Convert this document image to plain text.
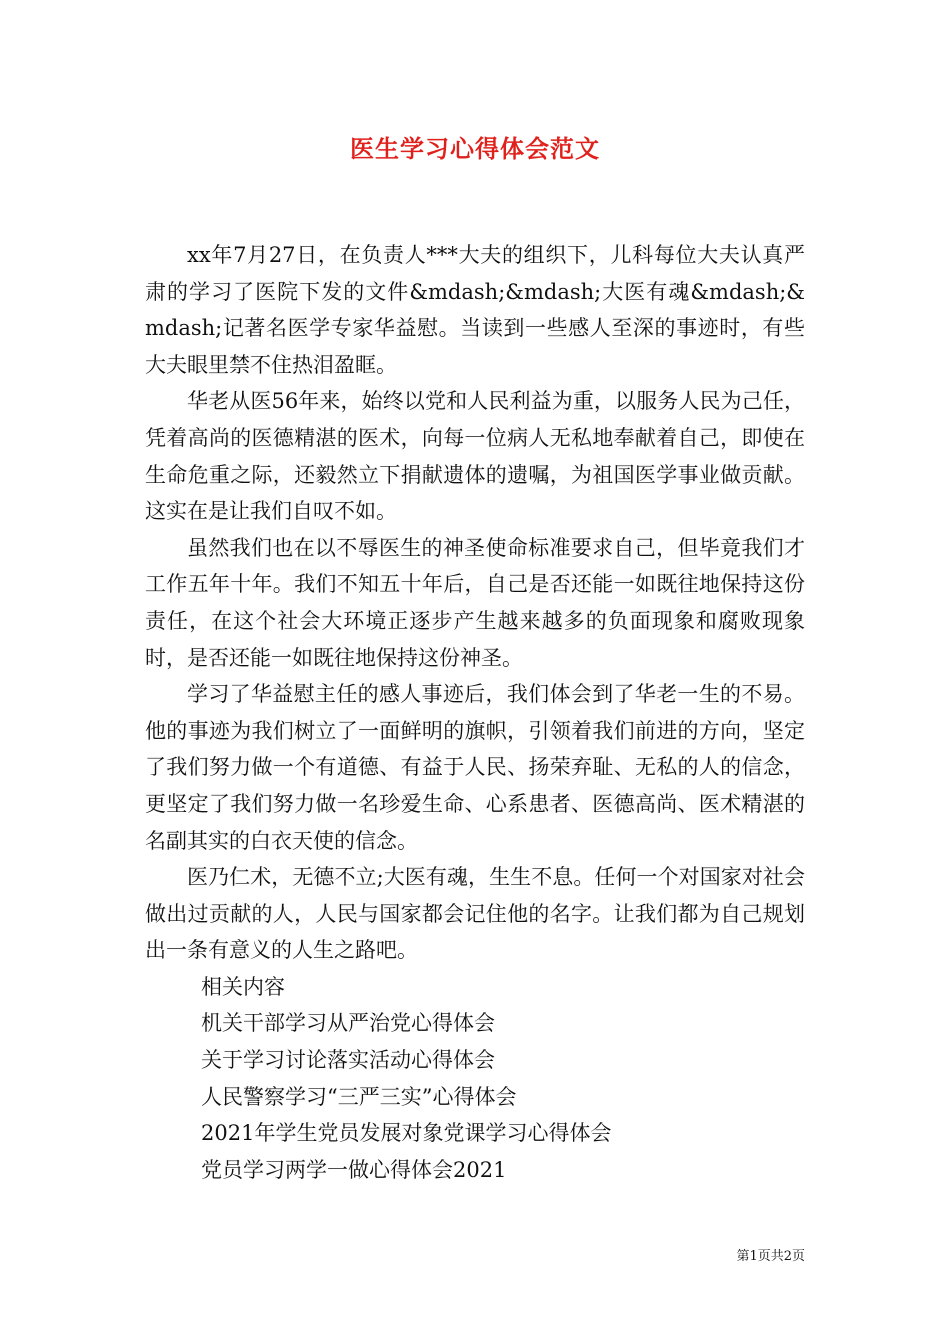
医生学习心得体会范文

xx年7月27日，在负责人***大夫的组织下，儿科每位大夫认真严肃的学习了医院下发的文件&mdash;&mdash;大医有魂&mdash;&mdash;记著名医学专家华益慰。当读到一些感人至深的事迹时，有些大夫眼里禁不住热泪盈眶。

华老从医56年来，始终以党和人民利益为重，以服务人民为己任，凭着高尚的医德精湛的医术，向每一位病人无私地奉献着自己，即使在生命危重之际，还毅然立下捐献遗体的遗嘱，为祖国医学事业做贡献。这实在是让我们自叹不如。

虽然我们也在以不辱医生的神圣使命标准要求自己，但毕竟我们才工作五年十年。我们不知五十年后，自己是否还能一如既往地保持这份责任，在这个社会大环境正逐步产生越来越多的负面现象和腐败现象时，是否还能一如既往地保持这份神圣。

学习了华益慰主任的感人事迹后，我们体会到了华老一生的不易。他的事迹为我们树立了一面鲜明的旗帜，引领着我们前进的方向，坚定了我们努力做一个有道德、有益于人民、扬荣弃耻、无私的人的信念，更坚定了我们努力做一名珍爱生命、心系患者、医德高尚、医术精湛的名副其实的白衣天使的信念。

医乃仁术，无德不立;大医有魂，生生不息。任何一个对国家对社会做出过贡献的人，人民与国家都会记住他的名字。让我们都为自己规划出一条有意义的人生之路吧。

相关内容

机关干部学习从严治党心得体会

关于学习讨论落实活动心得体会

人民警察学习“三严三实”心得体会

2021年学生党员发展对象党课学习心得体会

党员学习两学一做心得体会2021

第1页共2页
